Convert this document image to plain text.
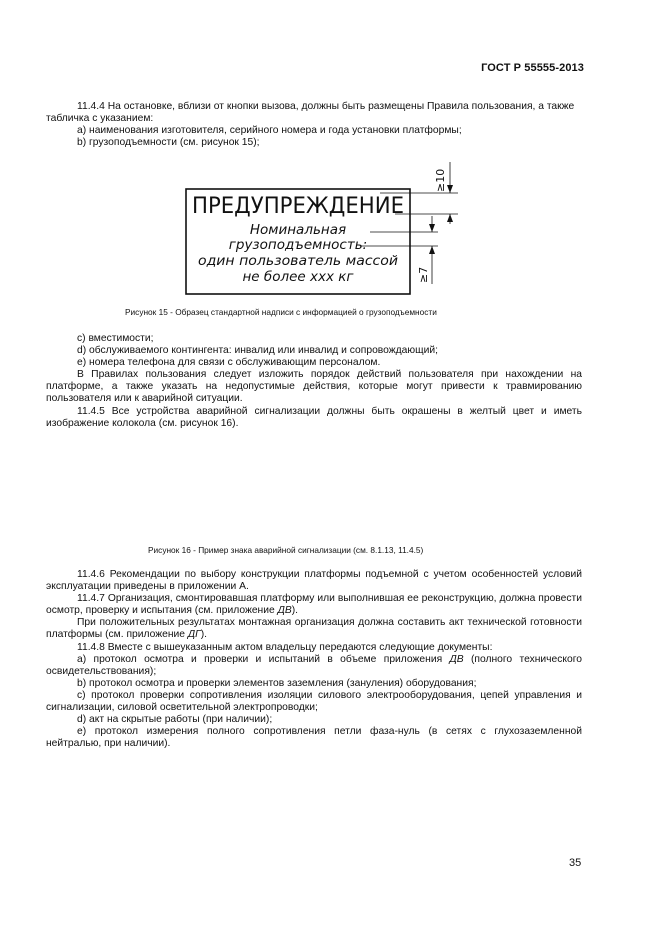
ГОСТ Р 55555-2013

11.4.4 На остановке, вблизи от кнопки вызова, должны быть размещены Правила пользования, а также табличка с указанием:

a) наименования изготовителя, серийного номера и года установки платформы;

b) грузоподъемности (см. рисунок 15);

≥10
≥7
ПРЕДУПРЕЖДЕНИЕ
Номинальная
грузоподъемность:
один пользователь массой
не более ххх кг
Рисунок 15 - Образец стандартной надписи с информацией о грузоподъемности

c) вместимости;

d) обслуживаемого контингента: инвалид или инвалид и сопровождающий;

e) номера телефона для связи с обслуживающим персоналом.

В Правилах пользования следует изложить порядок действий пользователя при нахождении на платформе, а также указать на недопустимые действия, которые могут привести к травмированию пользователя или к аварийной ситуации.

11.4.5 Все устройства аварийной сигнализации должны быть окрашены в желтый цвет и иметь изображение колокола (см. рисунок 16).

Рисунок 16 - Пример знака аварийной сигнализации (см. 8.1.13, 11.4.5)

11.4.6 Рекомендации по выбору конструкции платформы подъемной с учетом особенностей условий эксплуатации приведены в приложении А.

11.4.7 Организация, смонтировавшая платформу или выполнившая ее реконструкцию, должна провести осмотр, проверку и испытания (см. приложение ДВ).

При положительных результатах монтажная организация должна составить акт технической готовности платформы (см. приложение ДГ).

11.4.8 Вместе с вышеуказанным актом владельцу передаются следующие документы:

а) протокол осмотра и проверки и испытаний в объеме приложения ДВ (полного технического освидетельствования);

b) протокол осмотра и проверки элементов заземления (зануления) оборудования;

с) протокол проверки сопротивления изоляции силового электрооборудования, цепей управления и сигнализации, силовой осветительной электропроводки;

d) акт на скрытые работы (при наличии);

е) протокол измерения полного сопротивления петли фаза-нуль (в сетях с глухозаземленной нейтралью, при наличии).

35
